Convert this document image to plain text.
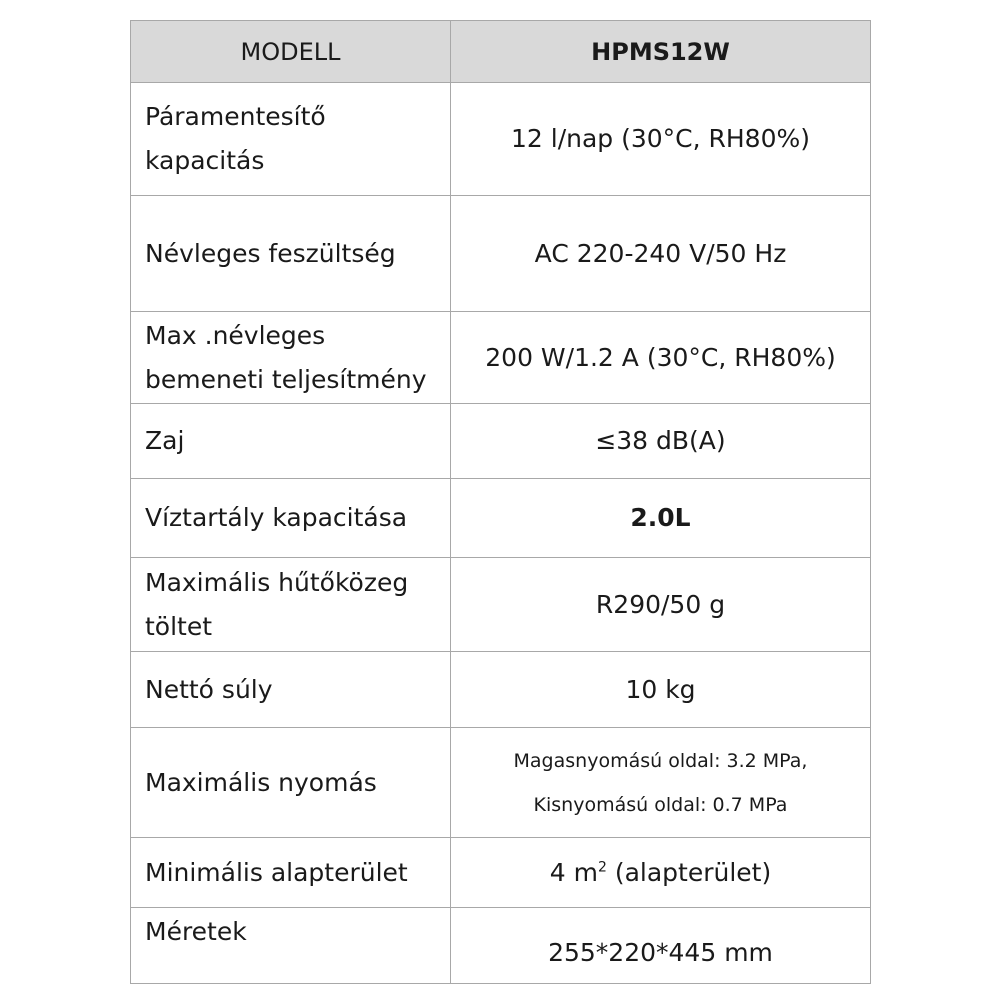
MODELL	HPMS12W
Páramentesítő kapacitás	12 l/nap (30°C, RH80%)
Névleges feszültség	AC 220-240 V/50 Hz
Max .névleges bemeneti teljesítmény	200 W/1.2 A (30°C, RH80%)
Zaj	≤38 dB(A)
Víztartály kapacitása	2.0L
Maximális hűtőközeg töltet	R290/50 g
Nettó súly	10 kg
Maximális nyomás	Magasnyomású oldal: 3.2 MPa,
Kisnyomású oldal: 0.7 MPa

Minimális alapterület	4 $m^2$ (alapterület)
Méretek	255*220*445 mm
